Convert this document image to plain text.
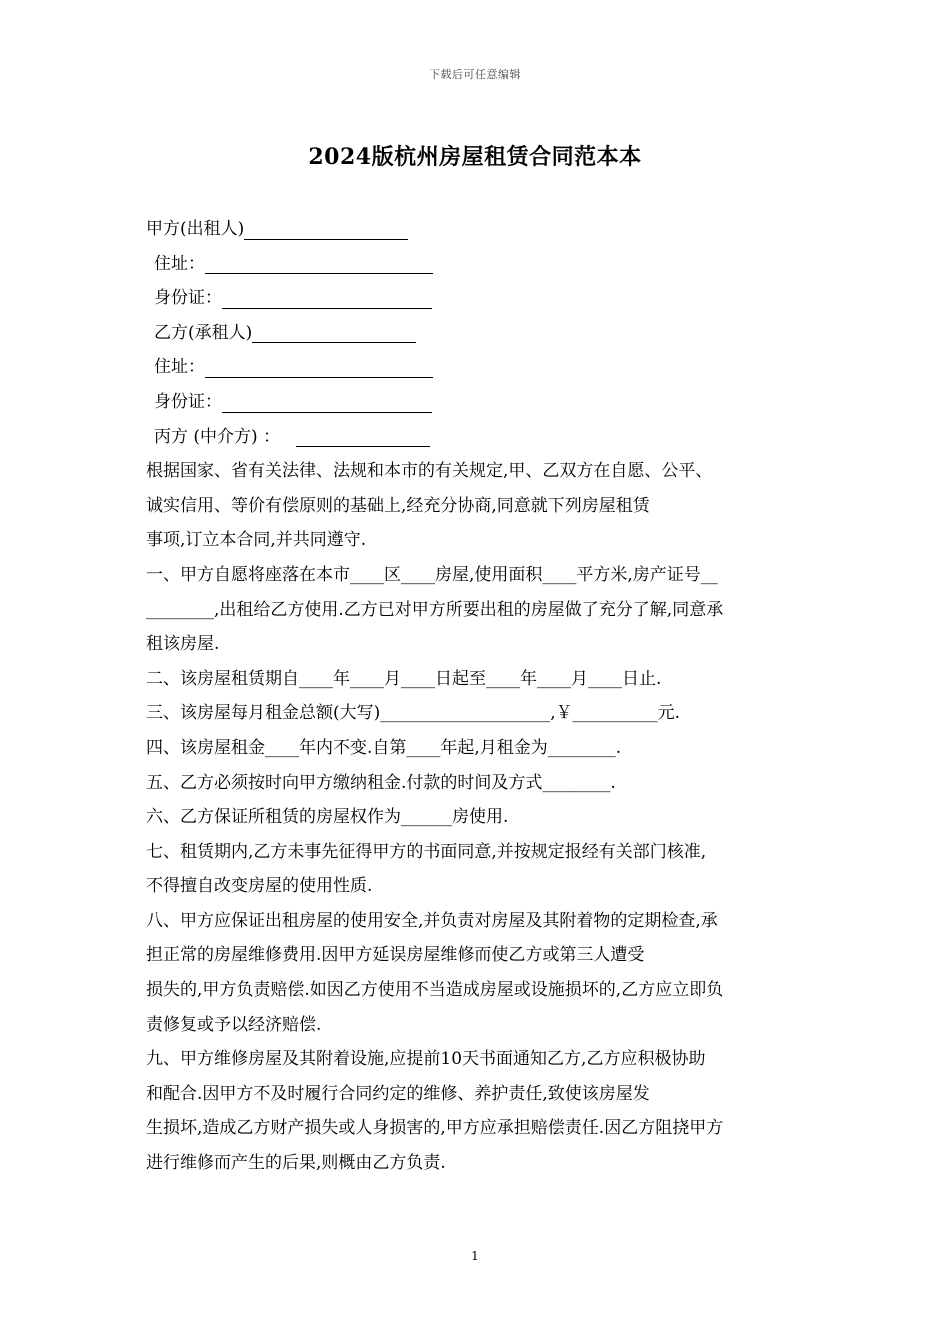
下载后可任意编辑
2024版杭州房屋租赁合同范本本
甲方(出租人)
住址：
身份证：
乙方(承租人)
住址：
身份证：
丙方 (中介方) ：
根据国家、省有关法律、法规和本市的有关规定,甲、乙双方在自愿、公平、
诚实信用、等价有偿原则的基础上,经充分协商,同意就下列房屋租赁
事项,订立本合同,并共同遵守.
一、甲方自愿将座落在本市____区____房屋,使用面积____平方米,房产证号__
________,出租给乙方使用.乙方已对甲方所要出租的房屋做了充分了解,同意承
租该房屋.
二、该房屋租赁期自____年____月____日起至____年____月____日止.
三、该房屋每月租金总额(大写)____________________,￥__________元.
四、该房屋租金____年内不变.自第____年起,月租金为________.
五、乙方必须按时向甲方缴纳租金.付款的时间及方式________.
六、乙方保证所租赁的房屋权作为______房使用.
七、租赁期内,乙方未事先征得甲方的书面同意,并按规定报经有关部门核准,
不得擅自改变房屋的使用性质.
八、甲方应保证出租房屋的使用安全,并负责对房屋及其附着物的定期检查,承
担正常的房屋维修费用.因甲方延误房屋维修而使乙方或第三人遭受
损失的,甲方负责赔偿.如因乙方使用不当造成房屋或设施损坏的,乙方应立即负
责修复或予以经济赔偿.
九、甲方维修房屋及其附着设施,应提前10天书面通知乙方,乙方应积极协助
和配合.因甲方不及时履行合同约定的维修、养护责任,致使该房屋发
生损坏,造成乙方财产损失或人身损害的,甲方应承担赔偿责任.因乙方阻挠甲方
进行维修而产生的后果,则概由乙方负责.
1
